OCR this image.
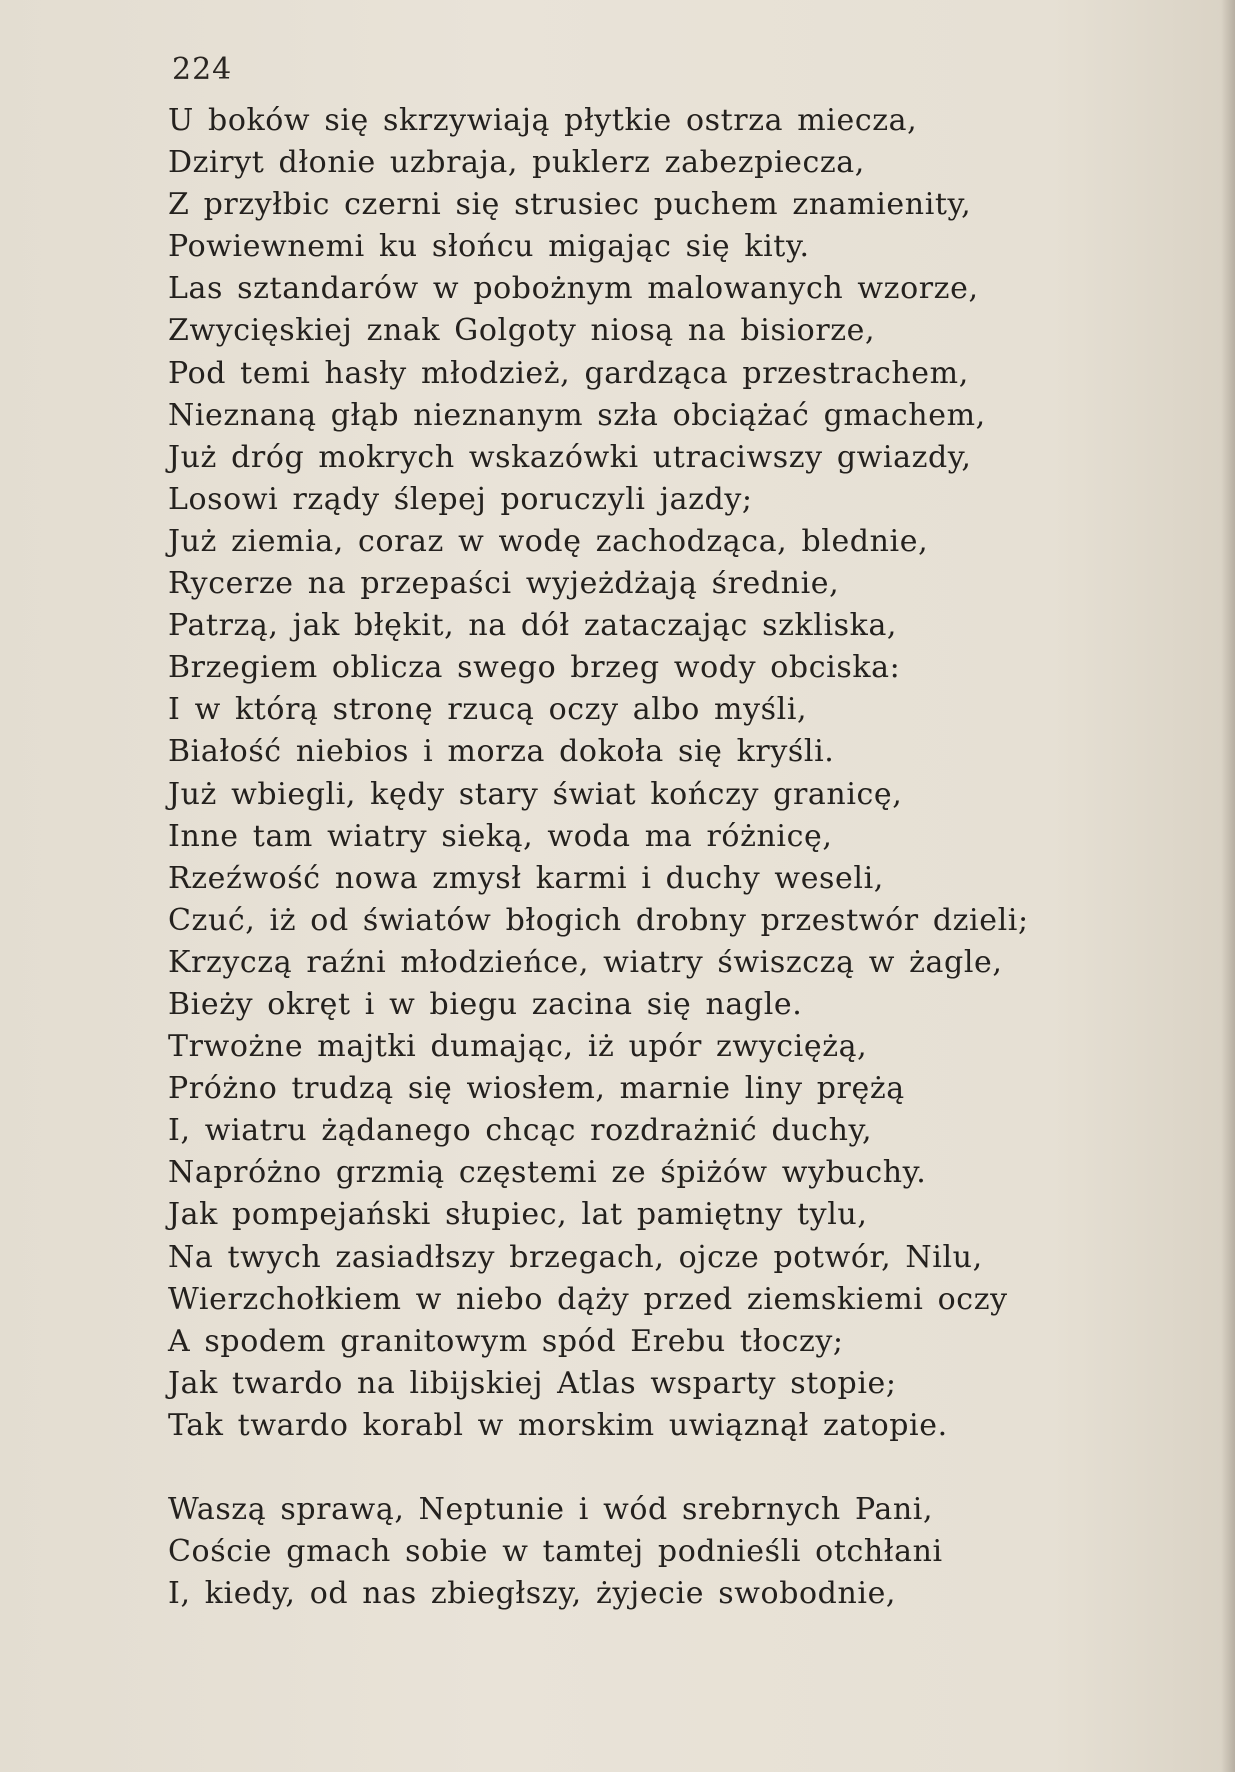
224
U boków się skrzywiają płytkie ostrza miecza,
Dziryt dłonie uzbraja, puklerz zabezpiecza,
Z przyłbic czerni się strusiec puchem znamienity,
Powiewnemi ku słońcu migając się kity.
Las sztandarów w pobożnym malowanych wzorze,
Zwycięskiej znak Golgoty niosą na bisiorze,
Pod temi hasły młodzież, gardząca przestrachem,
Nieznaną głąb nieznanym szła obciążać gmachem,
Już dróg mokrych wskazówki utraciwszy gwiazdy,
Losowi rządy ślepej poruczyli jazdy;
Już ziemia, coraz w wodę zachodząca, blednie,
Rycerze na przepaści wyjeżdżają średnie,
Patrzą, jak błękit, na dół zataczając szkliska,
Brzegiem oblicza swego brzeg wody obciska:
I w którą stronę rzucą oczy albo myśli,
Białość niebios i morza dokoła się kryśli.
Już wbiegli, kędy stary świat kończy granicę,
Inne tam wiatry sieką, woda ma różnicę,
Rzeźwość nowa zmysł karmi i duchy weseli,
Czuć, iż od światów błogich drobny przestwór dzieli;
Krzyczą raźni młodzieńce, wiatry świszczą w żagle,
Bieży okręt i w biegu zacina się nagle.
Trwożne majtki dumając, iż upór zwyciężą,
Próżno trudzą się wiosłem, marnie liny prężą
I, wiatru żądanego chcąc rozdrażnić duchy,
Napróżno grzmią częstemi ze śpiżów wybuchy.
Jak pompejański słupiec, lat pamiętny tylu,
Na twych zasiadłszy brzegach, ojcze potwór, Nilu,
Wierzchołkiem w niebo dąży przed ziemskiemi oczy
A spodem granitowym spód Erebu tłoczy;
Jak twardo na libijskiej Atlas wsparty stopie;
Tak twardo korabl w morskim uwiąznął zatopie.
Waszą sprawą, Neptunie i wód srebrnych Pani,
Coście gmach sobie w tamtej podnieśli otchłani
I, kiedy, od nas zbiegłszy, żyjecie swobodnie,
